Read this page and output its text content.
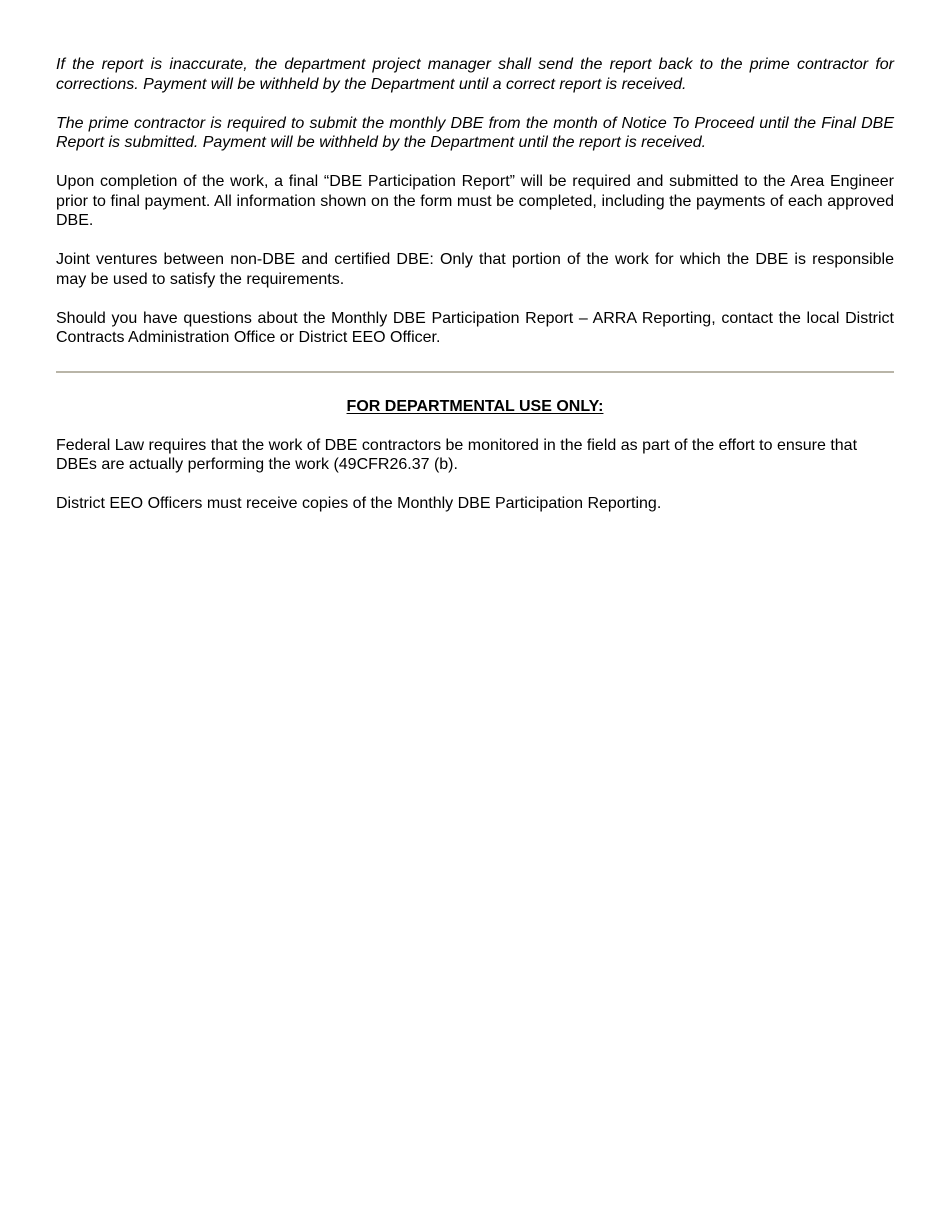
If the report is inaccurate, the department project manager shall send the report back to the prime contractor for corrections. Payment will be withheld by the Department until a correct report is received.

The prime contractor is required to submit the monthly DBE from the month of Notice To Proceed until the Final DBE Report is submitted. Payment will be withheld by the Department until the report is received.

Upon completion of the work, a final “DBE Participation Report” will be required and submitted to the Area Engineer prior to final payment. All information shown on the form must be completed, including the payments of each approved DBE.

Joint ventures between non-DBE and certified DBE: Only that portion of the work for which the DBE is responsible may be used to satisfy the requirements.

Should you have questions about the Monthly DBE Participation Report – ARRA Reporting, contact the local District Contracts Administration Office or District EEO Officer.

FOR DEPARTMENTAL USE ONLY:

Federal Law requires that the work of DBE contractors be monitored in the field as part of the effort to ensure that DBEs are actually performing the work (49CFR26.37 (b).

District EEO Officers must receive copies of the Monthly DBE Participation Reporting.
